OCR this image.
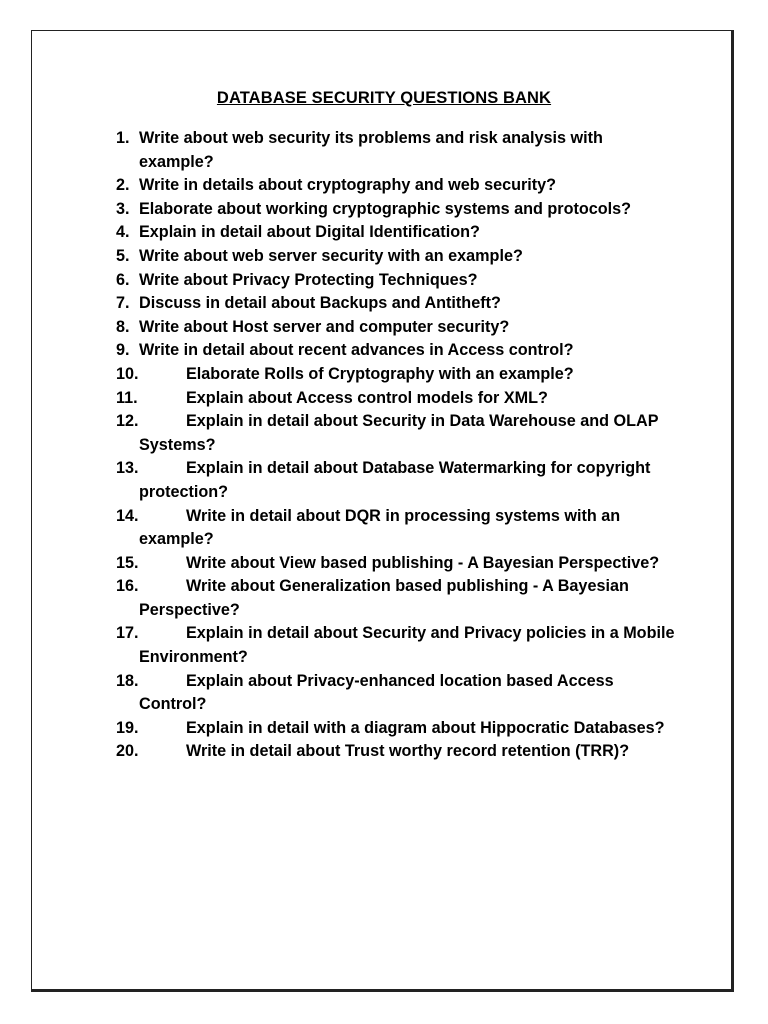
DATABASE SECURITY QUESTIONS BANK
1. Write about web security its problems and risk analysis with example?
2. Write in details about cryptography and web security?
3. Elaborate about working cryptographic systems and protocols?
4. Explain in detail about Digital Identification?
5. Write about web server security with an example?
6. Write about Privacy Protecting Techniques?
7. Discuss in detail about Backups and Antitheft?
8. Write about Host server and computer security?
9. Write in detail about recent advances in Access control?
10.	Elaborate Rolls of Cryptography with an example?
11.	Explain about Access control models for XML?
12.	Explain in detail about Security in Data Warehouse and OLAP Systems?
13.	Explain in detail about Database Watermarking for copyright protection?
14.	Write in detail about DQR in processing systems with an example?
15.	Write about View based publishing - A Bayesian Perspective?
16.	Write about Generalization based publishing - A Bayesian Perspective?
17.	Explain in detail about Security and Privacy policies in a Mobile Environment?
18.	Explain about Privacy-enhanced location based Access Control?
19.	Explain in detail with a diagram about Hippocratic Databases?
20.	Write in detail about Trust worthy record retention (TRR)?
